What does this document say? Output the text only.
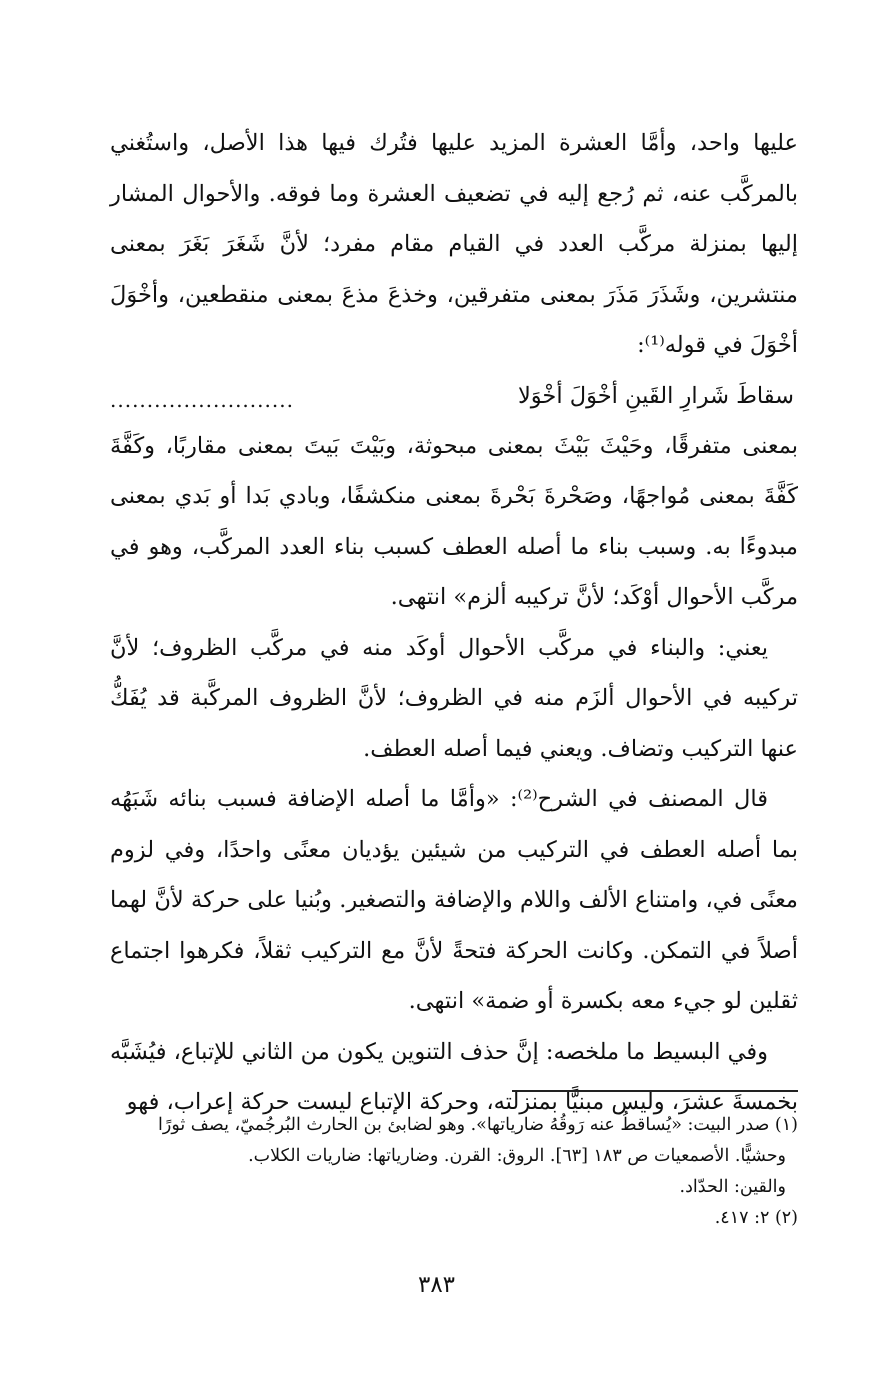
عليها واحد، وأمَّا العشرة المزيد عليها فتُرك فيها هذا الأصل، واستُغني بالمركَّب عنه، ثم رُجع إليه في تضعيف العشرة وما فوقه. والأحوال المشار إليها بمنزلة مركَّب العدد في القيام مقام مفرد؛ لأنَّ شَغَرَ بَغَرَ بمعنى منتشرين، وشَذَرَ مَذَرَ بمعنى متفرقين، وخذعَ مذعَ بمعنى منقطعين، وأخْوَلَ أخْوَلَ في قوله⁽¹⁾:

سقاطَ شَرارِ القَينِ أخْوَلَ أخْوَلا
.........................

بمعنى متفرقًا، وحَيْثَ بَيْثَ بمعنى مبحوثة، وبَيْتَ بَيتَ بمعنى مقاربًا، وكَفَّةَ كَفَّةَ بمعنى مُواجهًا، وصَحْرةَ بَحْرةَ بمعنى منكشفًا، وبادي بَدا أو بَدي بمعنى مبدوءًا به. وسبب بناء ما أصله العطف كسبب بناء العدد المركَّب، وهو في مركَّب الأحوال أوْكَد؛ لأنَّ تركيبه ألزم» انتهى.

يعني: والبناء في مركَّب الأحوال أوكَد منه في مركَّب الظروف؛ لأنَّ تركيبه في الأحوال ألزَم منه في الظروف؛ لأنَّ الظروف المركَّبة قد يُفَكُّ عنها التركيب وتضاف. ويعني فيما أصله العطف.

قال المصنف في الشرح⁽²⁾: «وأمَّا ما أصله الإضافة فسبب بنائه شَبَهُه بما أصله العطف في التركيب من شيئين يؤديان معنًى واحدًا، وفي لزوم معنًى في، وامتناع الألف واللام والإضافة والتصغير. وبُنيا على حركة لأنَّ لهما أصلاً في التمكن. وكانت الحركة فتحةً لأنَّ مع التركيب ثقلاً، فكرهوا اجتماع ثقلين لو جيء معه بكسرة أو ضمة» انتهى.

وفي البسيط ما ملخصه: إنَّ حذف التنوين يكون من الثاني للإتباع، فيُشَبَّه بخمسةَ عشرَ، وليس مبنيًّا بمنزلته، وحركة الإتباع ليست حركة إعراب، فهو

(١) صدر البيت: «يُساقطُ عنه رَوقُهُ ضارياتها». وهو لضابئ بن الحارث البُرجُميّ، يصف ثورًا

وحشيًّا. الأصمعيات ص ١٨٣ [٦٣]. الروق: القرن. وضارياتها: ضاريات الكلاب.

والقين: الحدّاد.

(٢) ٢: ٤١٧.

٣٨٣
